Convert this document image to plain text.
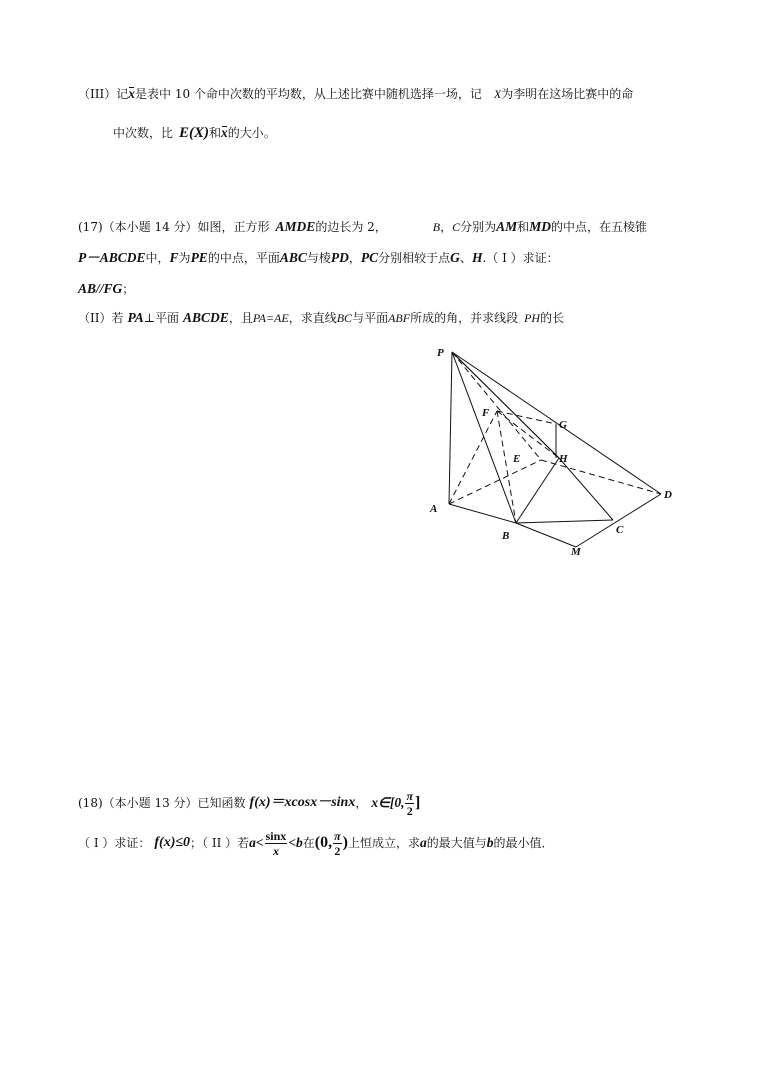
（III）记x是表中 10 个命中次数的平均数，从上述比赛中随机选择一场，记 X为李明在这场比赛中的命
中次数，比 E(X)和x的大小。
(17)（本小题 14 分）如图，正方形 AMDE的边长为 2，	B，C分别为AM和MD的中点，在五棱锥
P－ABCDE中，F为PE的中点，平面ABC与棱PD，PC分别相较于点G、H.（ I ）求证：
AB//FG；
（II）若 PA⊥平面 ABCDE，且PA=AE，求直线BC与平面ABF所成的角，并求线段 PH的长
P
F
G
E	H
D
A
C
B
M
(18)（本小题 13 分）已知函数 f(x)＝xcosx－sinx ， x∈[0, $\frac{\pi}{2}$ ]
（ I ）求证： f(x)≤0 ；（ II ）若 $a< \frac{\sin x}{x} <b$ 在 (0, $\frac{\pi}{2}$ ) 上恒成立，求 a 的最大值与 b 的最小值．
